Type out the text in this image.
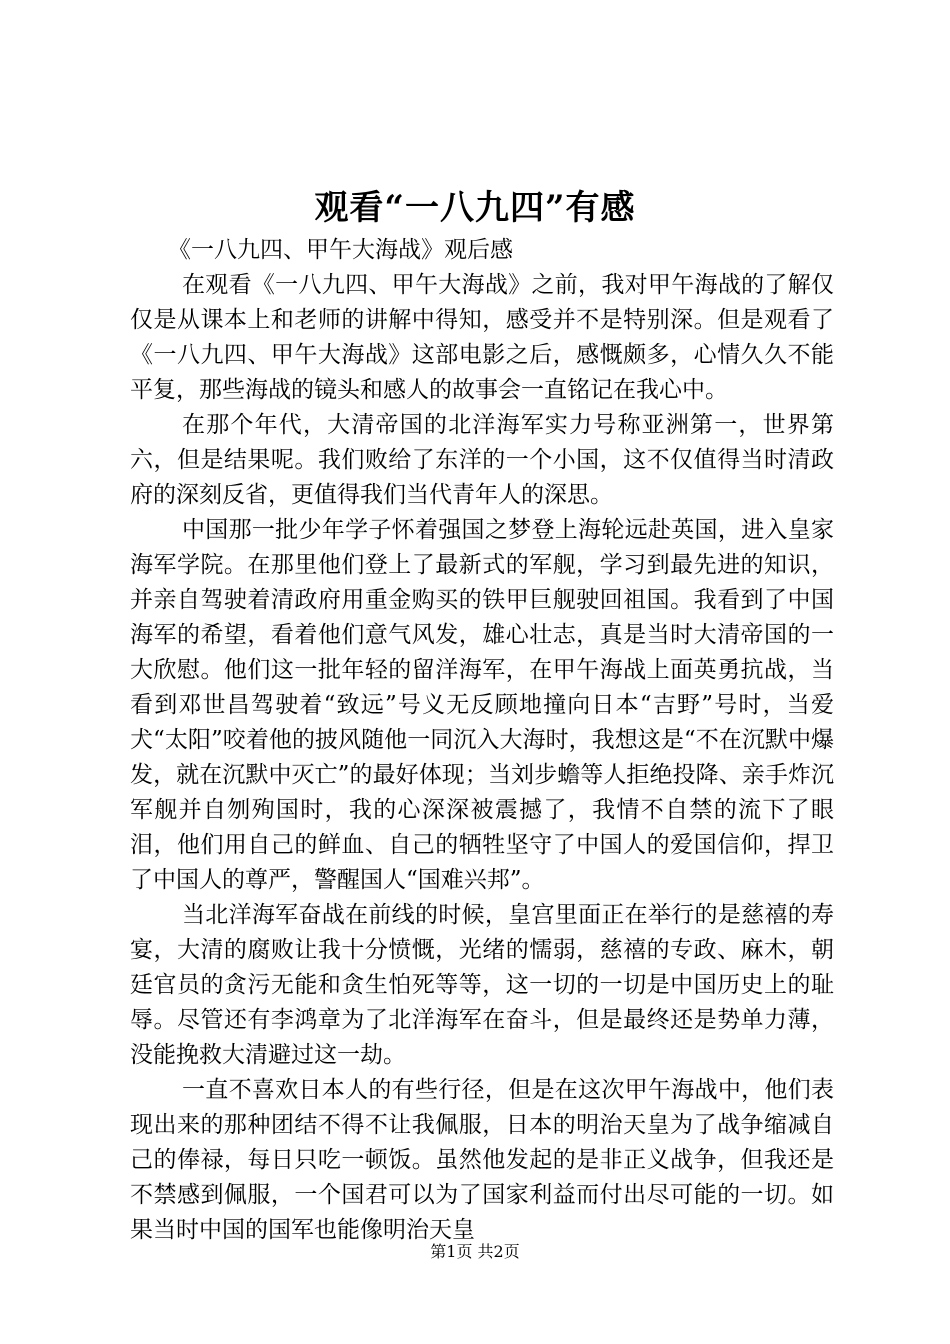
观看“一八九四”有感

《一八九四、甲午大海战》观后感

在观看《一八九四、甲午大海战》之前，我对甲午海战的了解仅仅是从课本上和老师的讲解中得知，感受并不是特别深。但是观看了《一八九四、甲午大海战》这部电影之后，感慨颇多，心情久久不能平复，那些海战的镜头和感人的故事会一直铭记在我心中。

在那个年代，大清帝国的北洋海军实力号称亚洲第一，世界第六，但是结果呢。我们败给了东洋的一个小国，这不仅值得当时清政府的深刻反省，更值得我们当代青年人的深思。

中国那一批少年学子怀着强国之梦登上海轮远赴英国，进入皇家海军学院。在那里他们登上了最新式的军舰，学习到最先进的知识，并亲自驾驶着清政府用重金购买的铁甲巨舰驶回祖国。我看到了中国海军的希望，看着他们意气风发，雄心壮志，真是当时大清帝国的一大欣慰。他们这一批年轻的留洋海军，在甲午海战上面英勇抗战，当看到邓世昌驾驶着“致远”号义无反顾地撞向日本“吉野”号时，当爱犬“太阳”咬着他的披风随他一同沉入大海时，我想这是“不在沉默中爆发，就在沉默中灭亡”的最好体现；当刘步蟾等人拒绝投降、亲手炸沉军舰并自刎殉国时，我的心深深被震撼了，我情不自禁的流下了眼泪，他们用自己的鲜血、自己的牺牲坚守了中国人的爱国信仰，捍卫了中国人的尊严，警醒国人“国难兴邦”。

当北洋海军奋战在前线的时候，皇宫里面正在举行的是慈禧的寿宴，大清的腐败让我十分愤慨，光绪的懦弱，慈禧的专政、麻木，朝廷官员的贪污无能和贪生怕死等等，这一切的一切是中国历史上的耻辱。尽管还有李鸿章为了北洋海军在奋斗，但是最终还是势单力薄，没能挽救大清避过这一劫。

一直不喜欢日本人的有些行径，但是在这次甲午海战中，他们表现出来的那种团结不得不让我佩服，日本的明治天皇为了战争缩减自己的俸禄，每日只吃一顿饭。虽然他发起的是非正义战争，但我还是不禁感到佩服，一个国君可以为了国家利益而付出尽可能的一切。如果当时中国的国军也能像明治天皇

第1页 共2页
